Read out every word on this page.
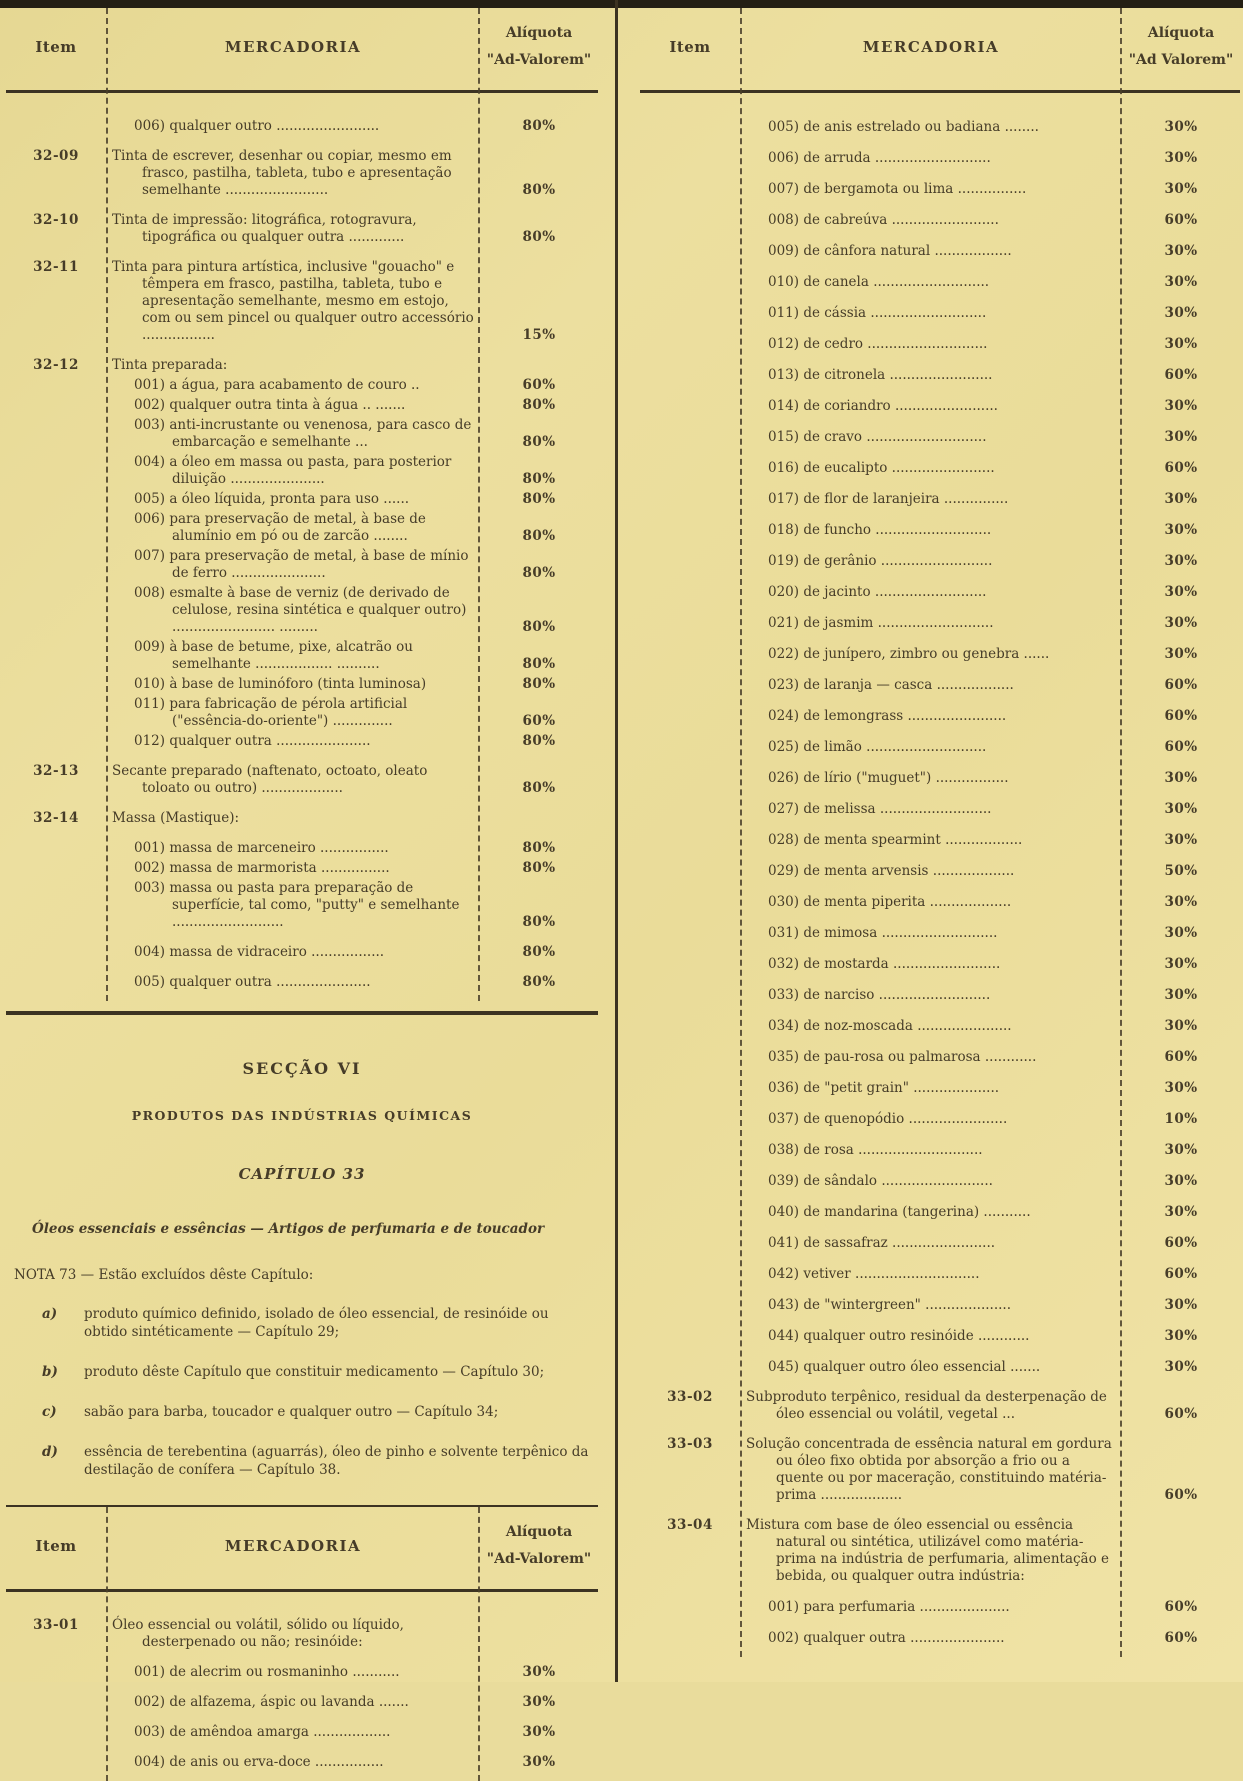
Item	MERCADORIA
Alíquota
"Ad-Valorem"
006) qualquer outro ........................	80%
32-09	Tinta de escrever, desenhar ou copiar, mesmo em frasco, pastilha, tableta, tubo e apresentação semelhante ........................	80%
32-10	Tinta de impressão: litográfica, rotogravura, tipográfica ou qualquer outra .............	80%
32-11	Tinta para pintura artística, inclusive "gouacho" e têmpera em frasco, pastilha, tableta, tubo e apresentação semelhante, mesmo em estojo, com ou sem pincel ou qualquer outro accessório .................	15%
32-12	Tinta preparada:
001) a água, para acabamento de couro ..	60%
002) qualquer outra tinta à água .. .......	80%
003) anti-incrustante ou venenosa, para casco de embarcação e semelhante ...	80%
004) a óleo em massa ou pasta, para posterior diluição ......................	80%
005) a óleo líquida, pronta para uso ......	80%
006) para preservação de metal, à base de alumínio em pó ou de zarcão ........	80%
007) para preservação de metal, à base de mínio de ferro ......................	80%
008) esmalte à base de verniz (de derivado de celulose, resina sintética e qualquer outro) ........................ .........	80%
009) à base de betume, pixe, alcatrão ou semelhante .................. ..........	80%
010) à base de luminóforo (tinta luminosa)	80%
011) para fabricação de pérola artificial ("essência-do-oriente") ..............	60%
012) qualquer outra ......................	80%
32-13	Secante preparado (naftenato, octoato, oleato toloato ou outro) ...................	80%
32-14	Massa (Mastique):
001) massa de marceneiro ................	80%
002) massa de marmorista ................	80%
003) massa ou pasta para preparação de superfície, tal como, "putty" e semelhante ..........................	80%
004) massa de vidraceiro .................	80%
005) qualquer outra ......................	80%
SECÇÃO VI
PRODUTOS DAS INDÚSTRIAS QUÍMICAS
CAPÍTULO 33
Óleos essenciais e essências — Artigos de perfumaria e de toucador
NOTA 73 — Estão excluídos dêste Capítulo:
a)	produto químico definido, isolado de óleo essencial, de resinóide ou obtido sintéticamente — Capítulo 29;
b)	produto dêste Capítulo que constituir medicamento — Capítulo 30;
c)	sabão para barba, toucador e qualquer outro — Capítulo 34;
d)	essência de terebentina (aguarrás), óleo de pinho e solvente terpênico da destilação de conífera — Capítulo 38.
Item	MERCADORIA
Alíquota
"Ad-Valorem"
33-01	Óleo essencial ou volátil, sólido ou líquido, desterpenado ou não; resinóide:
001) de alecrim ou rosmaninho ...........	30%
002) de alfazema, áspic ou lavanda .......	30%
003) de amêndoa amarga ..................	30%
004) de anis ou erva-doce ................	30%
Item	MERCADORIA
Alíquota
"Ad Valorem"
005) de anis estrelado ou badiana ........	30%
006) de arruda ...........................	30%
007) de bergamota ou lima ................	30%
008) de cabreúva .........................	60%
009) de cânfora natural ..................	30%
010) de canela ...........................	30%
011) de cássia ...........................	30%
012) de cedro ............................	30%
013) de citronela ........................	60%
014) de coriandro ........................	30%
015) de cravo ............................	30%
016) de eucalipto ........................	60%
017) de flor de laranjeira ...............	30%
018) de funcho ...........................	30%
019) de gerânio ..........................	30%
020) de jacinto ..........................	30%
021) de jasmim ...........................	30%
022) de junípero, zimbro ou genebra ......	30%
023) de laranja — casca ..................	60%
024) de lemongrass .......................	60%
025) de limão ............................	60%
026) de lírio ("muguet") .................	30%
027) de melissa ..........................	30%
028) de menta spearmint ..................	30%
029) de menta arvensis ...................	50%
030) de menta piperita ...................	30%
031) de mimosa ...........................	30%
032) de mostarda .........................	30%
033) de narciso ..........................	30%
034) de noz-moscada ......................	30%
035) de pau-rosa ou palmarosa ............	60%
036) de "petit grain" ....................	30%
037) de quenopódio .......................	10%
038) de rosa .............................	30%
039) de sândalo ..........................	30%
040) de mandarina (tangerina) ...........	30%
041) de sassafraz ........................	60%
042) vetiver .............................	60%
043) de "wintergreen" ....................	30%
044) qualquer outro resinóide ............	30%
045) qualquer outro óleo essencial .......	30%
33-02	Subproduto terpênico, residual da desterpenação de óleo essencial ou volátil, vegetal ...	60%
33-03	Solução concentrada de essência natural em gordura ou óleo fixo obtida por absorção a frio ou a quente ou por maceração, constituindo matéria-prima ...................	60%
33-04	Mistura com base de óleo essencial ou essência natural ou sintética, utilizável como matéria-prima na indústria de perfumaria, alimentação e bebida, ou qualquer outra indústria:
001) para perfumaria .....................	60%
002) qualquer outra ......................	60%
